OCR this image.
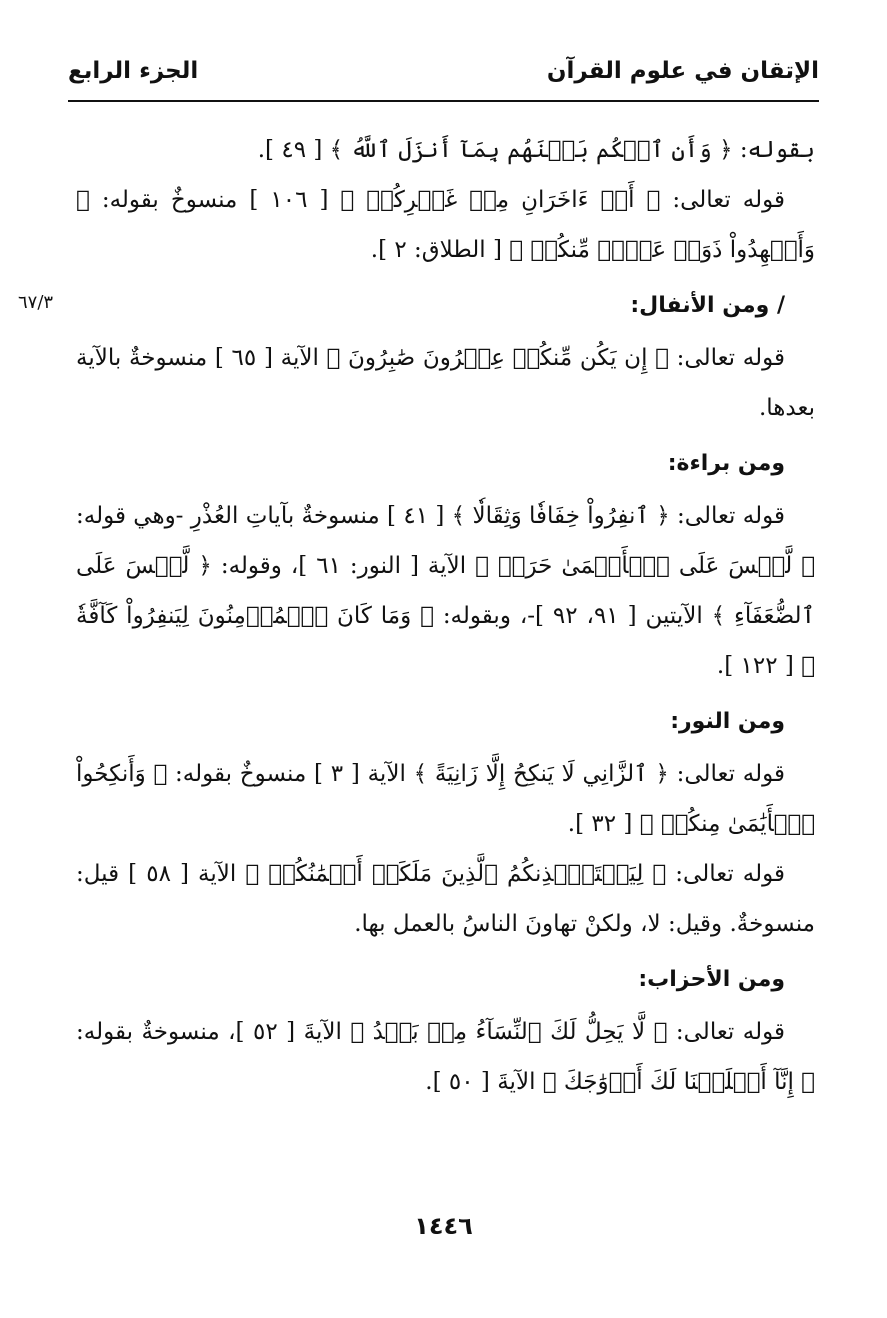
الإتقان في علوم القرآن
الجزء الرابع
٦٧/٣

بقوله: ﴿ وَأَنِ ٱحۡكُم بَيۡنَهُم بِمَآ أَنزَلَ ٱللَّهُ ﴾ [ ٤٩ ].

قوله تعالى: ﴿ أَوۡ ءَاخَرَانِ مِنۡ غَيۡرِكُمۡ ﴾ [ ١٠٦ ] منسوخٌ بقوله: ﴿ وَأَشۡهِدُواْ ذَوَيۡ عَدۡلٖ مِّنكُمۡ ﴾ [ الطلاق: ٢ ].

/ ومن الأنفال:

قوله تعالى: ﴿ إِن يَكُن مِّنكُمۡ عِشۡرُونَ صَٰبِرُونَ ﴾ الآية [ ٦٥ ] منسوخةٌ بالآية بعدها.

ومن براءة:

قوله تعالى: ﴿ ٱنفِرُواْ خِفَافٗا وَثِقَالٗا ﴾ [ ٤١ ] منسوخةٌ بآياتِ العُذْرِ -وهي قوله: ﴿ لَّيۡسَ عَلَى ٱلۡأَعۡمَىٰ حَرَجٞ ﴾ الآية [ النور: ٦١ ]، وقوله: ﴿ لَّيۡسَ عَلَى ٱلضُّعَفَآءِ ﴾ الآيتين [ ٩١، ٩٢ ]-، وبقوله: ﴿ وَمَا كَانَ ٱلۡمُؤۡمِنُونَ لِيَنفِرُواْ كَآفَّةٗ ﴾ [ ١٢٢ ].

ومن النور:

قوله تعالى: ﴿ ٱلزَّانِي لَا يَنكِحُ إِلَّا زَانِيَةً ﴾ الآية [ ٣ ] منسوخٌ بقوله: ﴿ وَأَنكِحُواْ ٱلۡأَيَٰمَىٰ مِنكُمۡ ﴾ [ ٣٢ ].

قوله تعالى: ﴿ لِيَسۡتَـٔۡذِنكُمُ ٱلَّذِينَ مَلَكَتۡ أَيۡمَٰنُكُمۡ ﴾ الآية [ ٥٨ ] قيل: منسوخةٌ. وقيل: لا، ولكنْ تهاونَ الناسُ بالعمل بها.

ومن الأحزاب:

قوله تعالى: ﴿ لَّا يَحِلُّ لَكَ ٱلنِّسَآءُ مِنۢ بَعۡدُ ﴾ الآيةَ [ ٥٢ ]، منسوخةٌ بقوله: ﴿ إِنَّآ أَحۡلَلۡنَا لَكَ أَزۡوَٰجَكَ ﴾ الآيةَ [ ٥٠ ].

١٤٤٦
